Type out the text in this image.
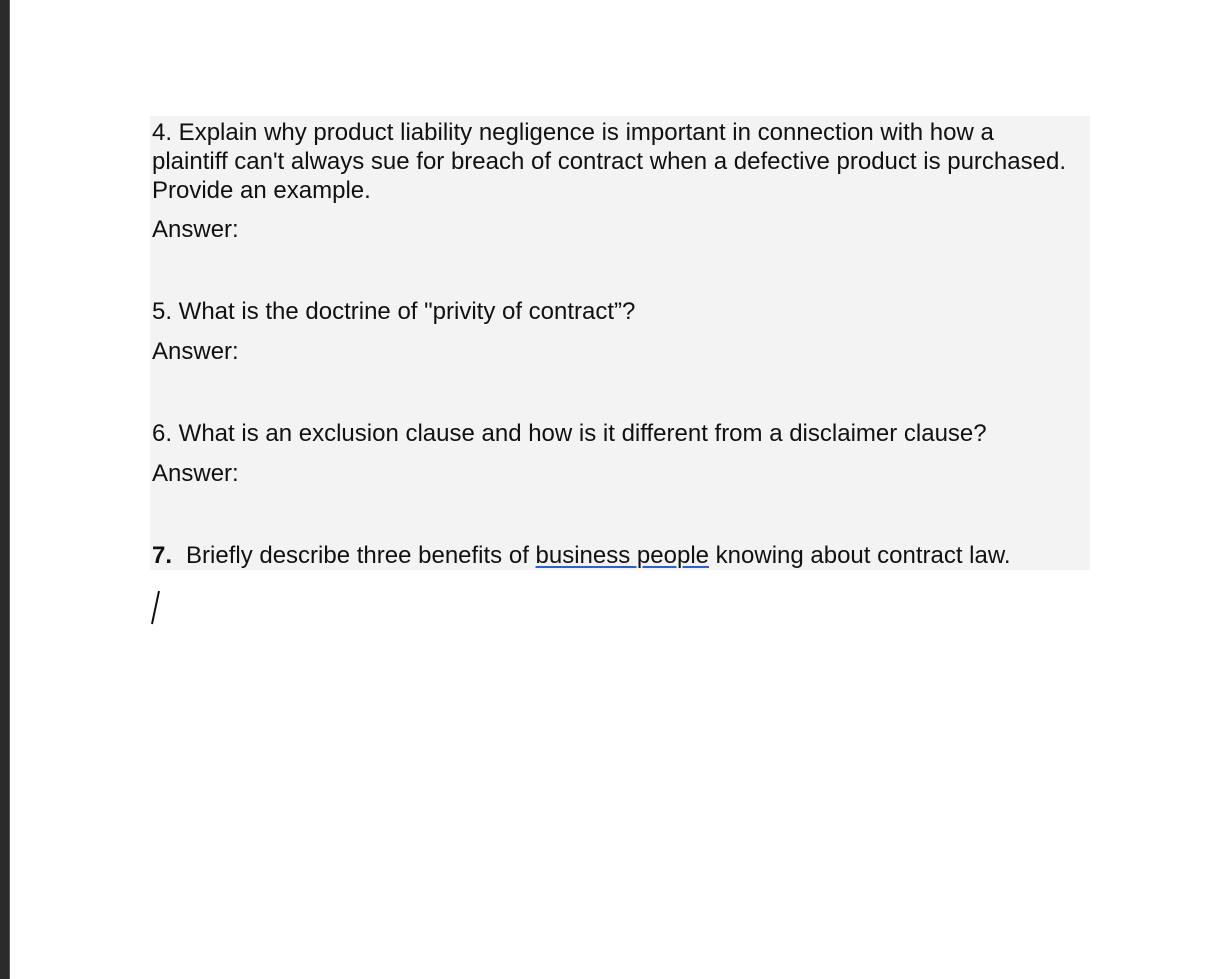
4. Explain why product liability negligence is important in connection with how a
plaintiff can't always sue for breach of contract when a defective product is purchased.
Provide an example.
Answer:
5. What is the doctrine of "privity of contract”?
Answer:
6. What is an exclusion clause and how is it different from a disclaimer clause?
Answer:
7. Briefly describe three benefits of business people knowing about contract law.
